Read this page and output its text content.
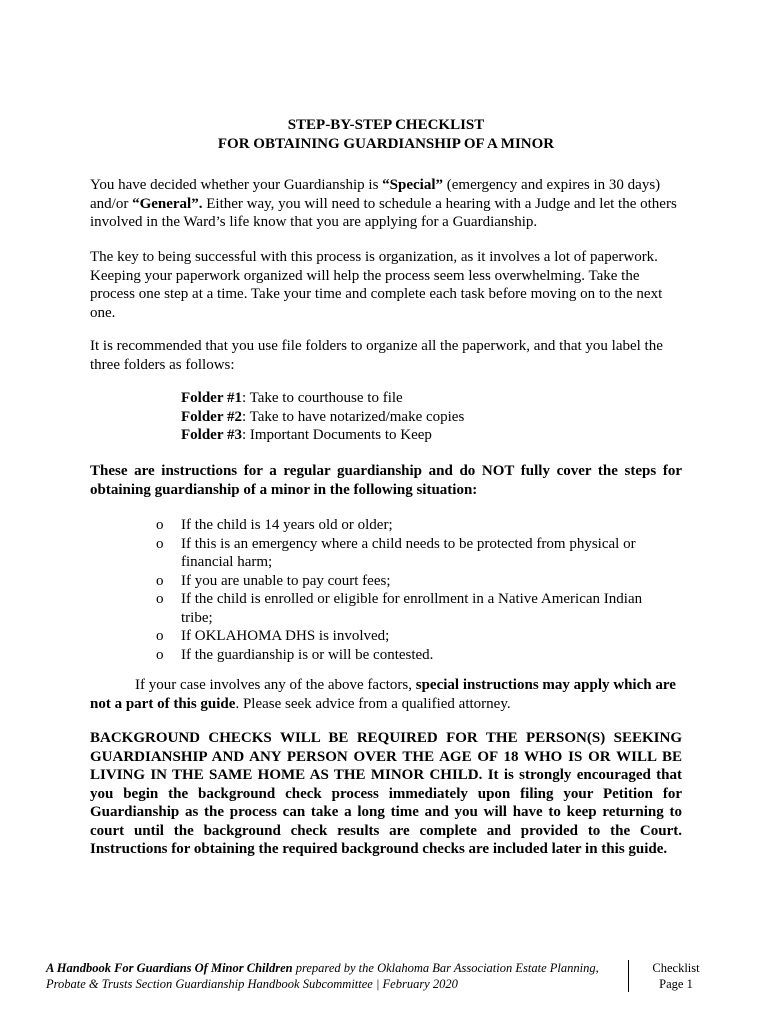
STEP-BY-STEP CHECKLIST
FOR OBTAINING GUARDIANSHIP OF A MINOR

You have decided whether your Guardianship is “Special” (emergency and expires in 30 days) and/or “General”. Either way, you will need to schedule a hearing with a Judge and let the others involved in the Ward’s life know that you are applying for a Guardianship.

The key to being successful with this process is organization, as it involves a lot of paperwork. Keeping your paperwork organized will help the process seem less overwhelming. Take the process one step at a time. Take your time and complete each task before moving on to the next one.

It is recommended that you use file folders to organize all the paperwork, and that you label the three folders as follows:

Folder #1: Take to courthouse to file
Folder #2: Take to have notarized/make copies
Folder #3: Important Documents to Keep

These are instructions for a regular guardianship and do NOT fully cover the steps for obtaining guardianship of a minor in the following situation:

o If the child is 14 years old or older;
o If this is an emergency where a child needs to be protected from physical or financial harm;
o If you are unable to pay court fees;
o If the child is enrolled or eligible for enrollment in a Native American Indian tribe;
o If OKLAHOMA DHS is involved;
o If the guardianship is or will be contested.

If your case involves any of the above factors, special instructions may apply which are not a part of this guide. Please seek advice from a qualified attorney.

BACKGROUND CHECKS WILL BE REQUIRED FOR THE PERSON(S) SEEKING GUARDIANSHIP AND ANY PERSON OVER THE AGE OF 18 WHO IS OR WILL BE LIVING IN THE SAME HOME AS THE MINOR CHILD. It is strongly encouraged that you begin the background check process immediately upon filing your Petition for Guardianship as the process can take a long time and you will have to keep returning to court until the background check results are complete and provided to the Court. Instructions for obtaining the required background checks are included later in this guide.

A Handbook For Guardians Of Minor Children prepared by the Oklahoma Bar Association Estate Planning, Probate & Trusts Section Guardianship Handbook Subcommittee | February 2020
Checklist
Page 1
